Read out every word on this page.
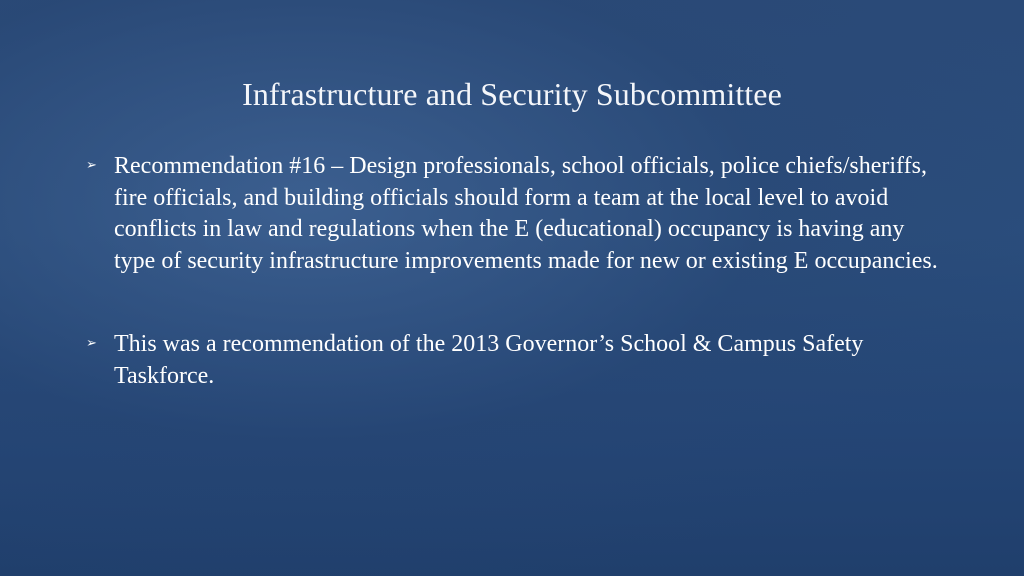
Infrastructure and Security Subcommittee
➢ Recommendation #16 – Design professionals, school officials, police chiefs/sheriffs, fire officials, and building officials should form a team at the local level to avoid conflicts in law and regulations when the E (educational) occupancy is having any type of security infrastructure improvements made for new or existing E occupancies.
➢ This was a recommendation of the 2013 Governor’s School & Campus Safety Taskforce.
